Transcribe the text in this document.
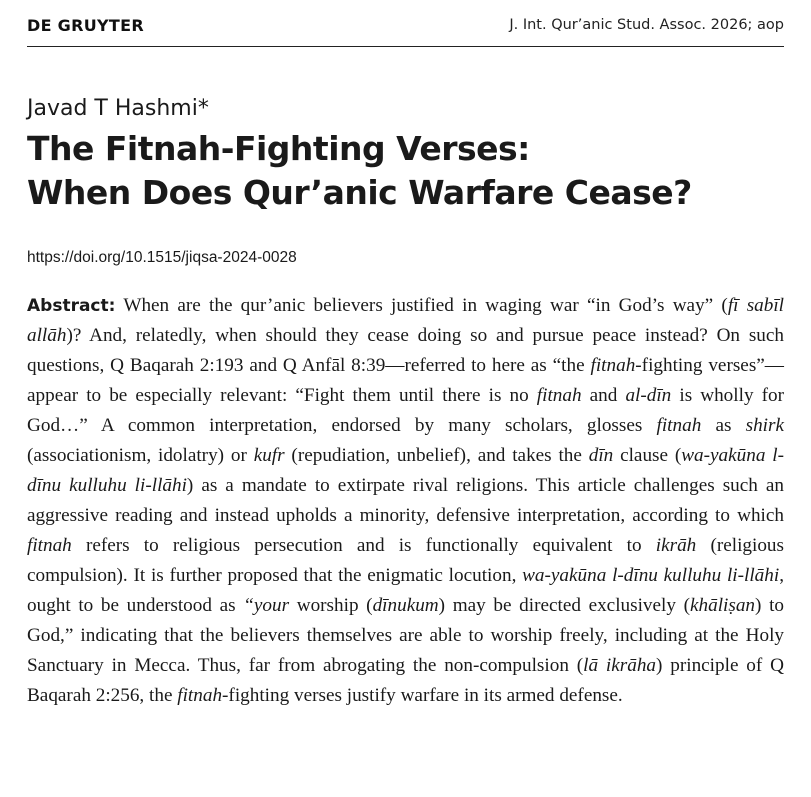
DE GRUYTER	J. Int. Qur’anic Stud. Assoc. 2026; aop
Javad T Hashmi*
The Fitnah-Fighting Verses:
When Does Qur’anic Warfare Cease?
https://doi.org/10.1515/jiqsa-2024-0028
Abstract: When are the qur’anic believers justified in waging war “in God’s way” (fī sabīl allāh)? And, relatedly, when should they cease doing so and pursue peace instead? On such questions, Q Baqarah 2:193 and Q Anfāl 8:39—referred to here as “the fitnah-fighting verses”—appear to be especially relevant: “Fight them until there is no fitnah and al-dīn is wholly for God…” A common interpretation, endorsed by many scholars, glosses fitnah as shirk (associationism, idolatry) or kufr (repudiation, unbelief), and takes the dīn clause (wa-yakūna l-dīnu kulluhu li-llāhi) as a mandate to extirpate rival religions. This article challenges such an aggressive reading and instead upholds a minority, defensive interpretation, according to which fitnah refers to religious persecution and is functionally equivalent to ikrāh (religious compulsion). It is further proposed that the enigmatic locution, wa-yakūna l-dīnu kulluhu li-llāhi, ought to be understood as “your worship (dīnukum) may be directed exclusively (khāliṣan) to God,” indicating that the believers themselves are able to worship freely, including at the Holy Sanctuary in Mecca. Thus, far from abrogating the non-compulsion (lā ikrāha) principle of Q Baqarah 2:256, the fitnah-fighting verses justify warfare in its armed defense.
